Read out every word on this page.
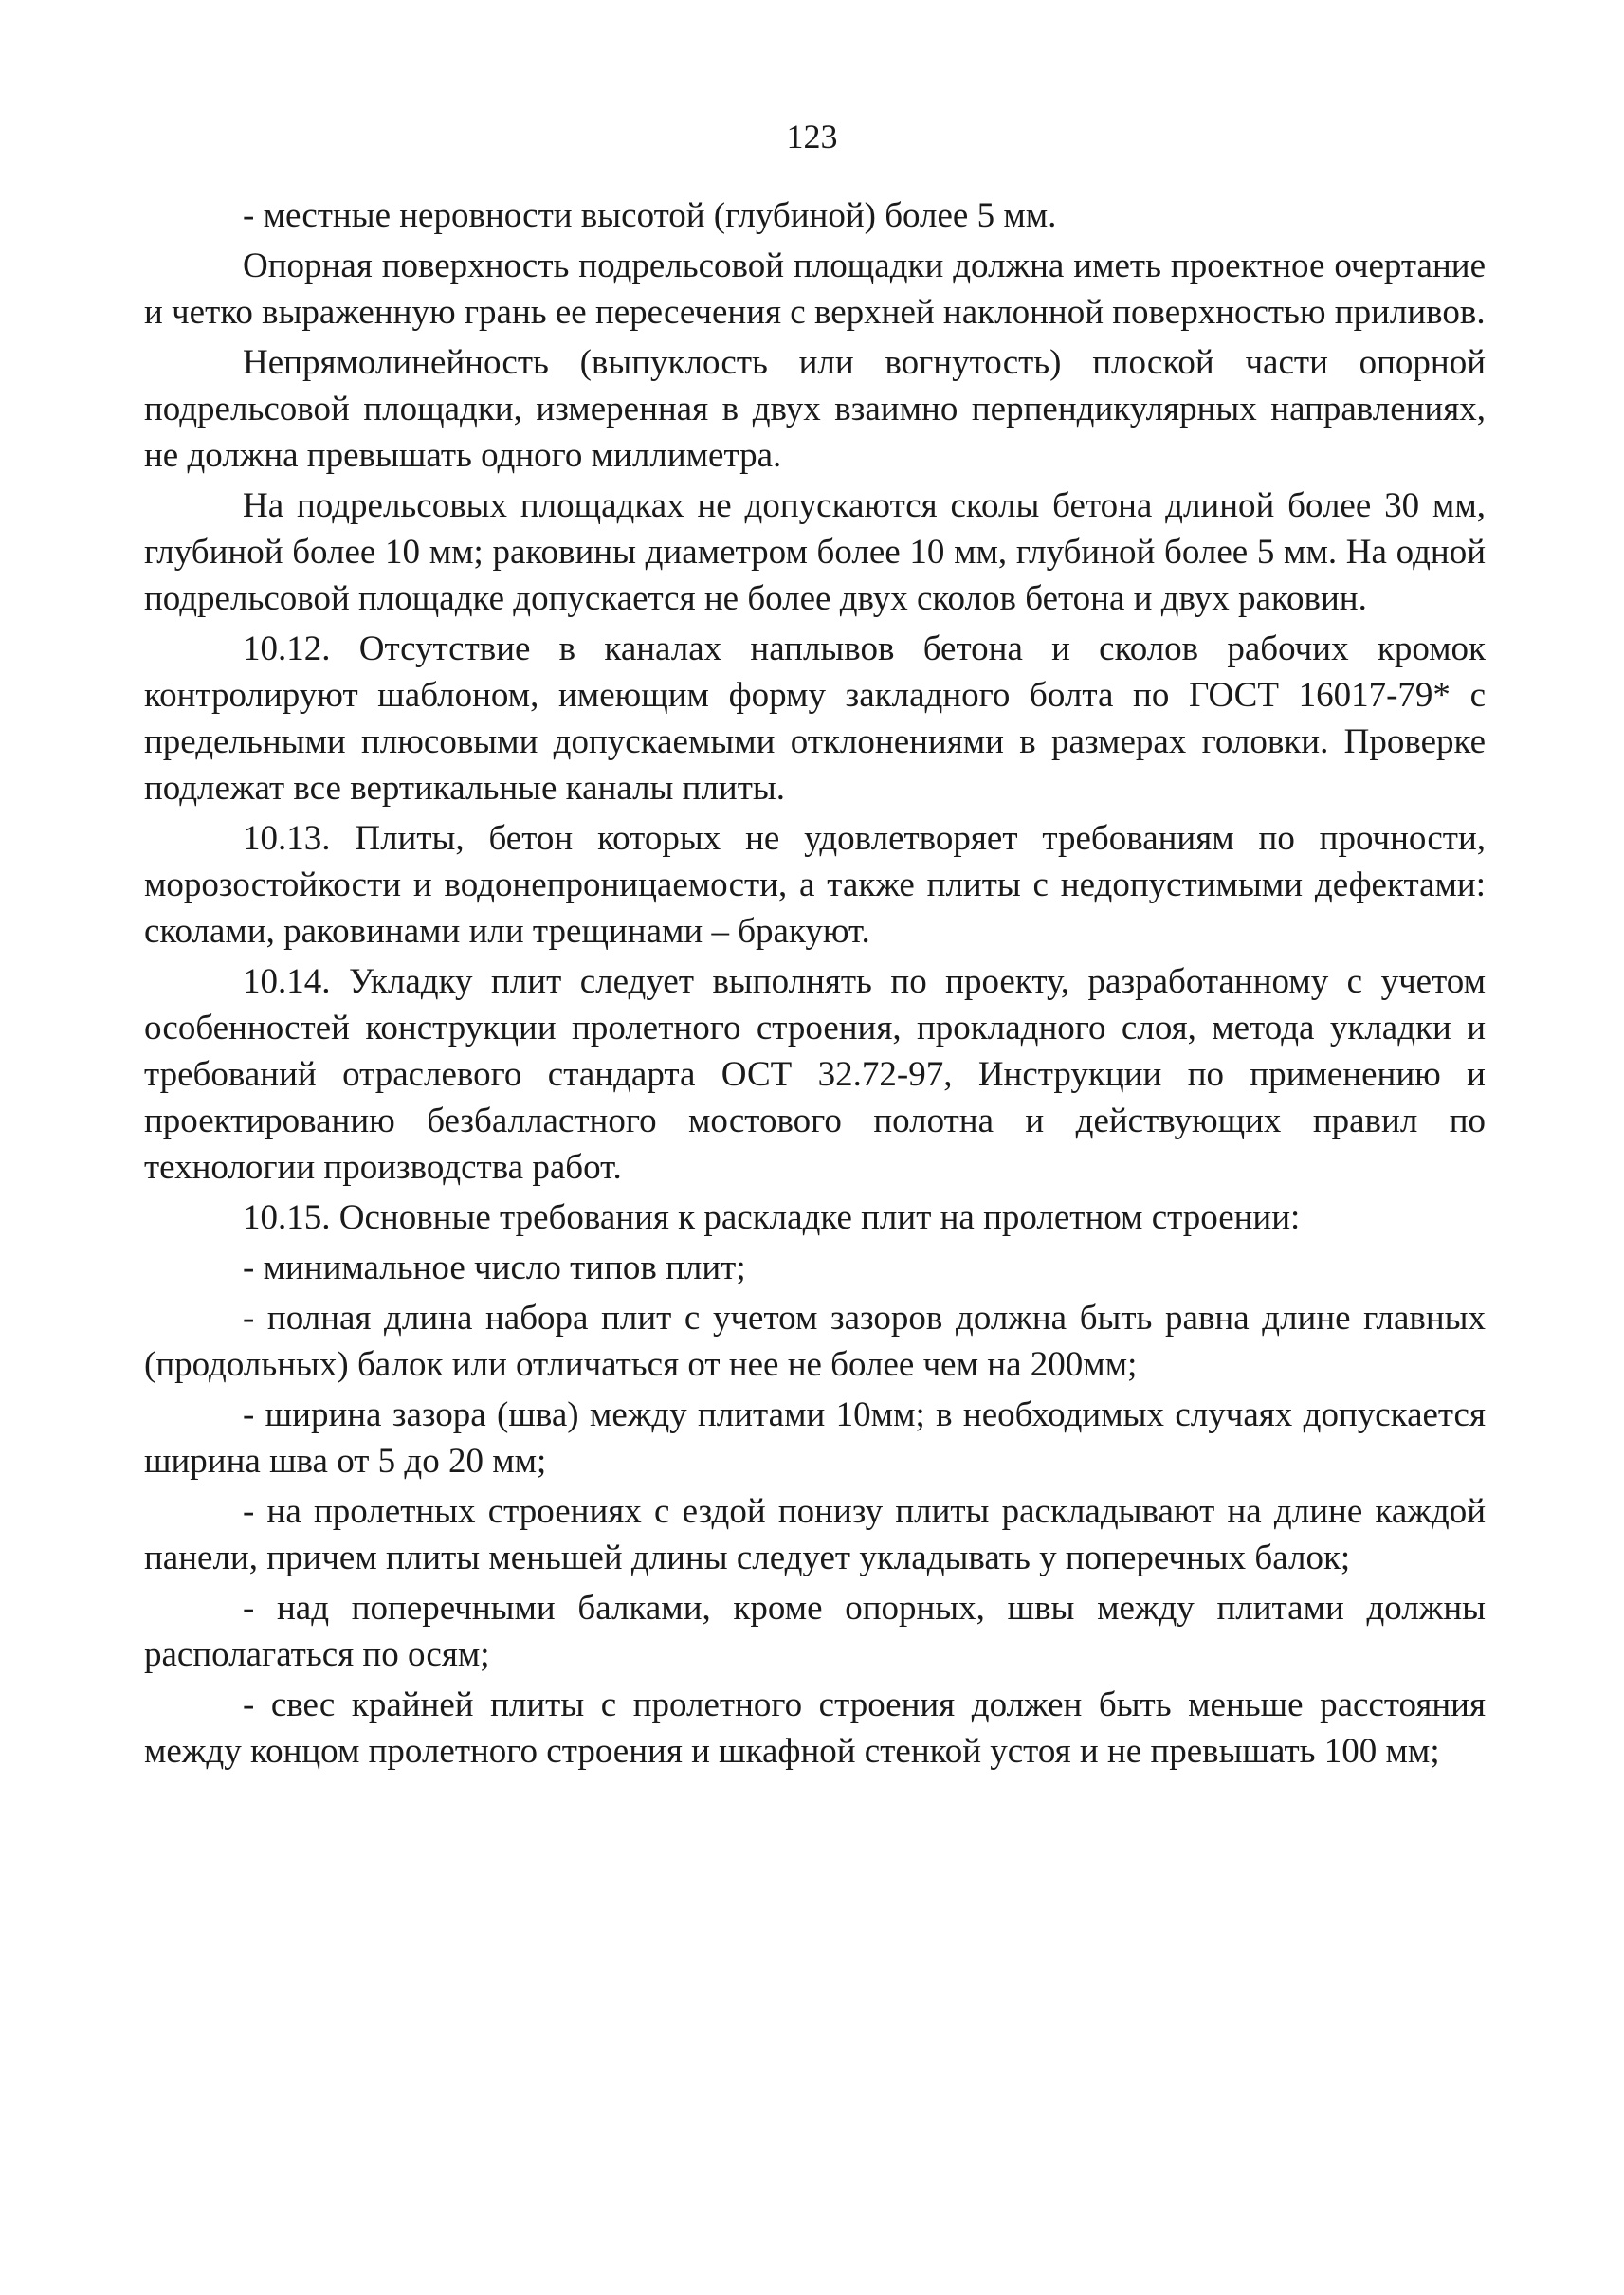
123

- местные неровности высотой (глубиной) более 5 мм.

Опорная поверхность подрельсовой площадки должна иметь проектное очертание и четко выраженную грань ее пересечения с верхней наклонной поверхностью приливов.

Непрямолинейность (выпуклость или вогнутость) плоской части опорной подрельсовой площадки, измеренная в двух взаимно перпендикулярных направлениях, не должна превышать одного миллиметра.

На подрельсовых площадках не допускаются сколы бетона длиной более 30 мм, глубиной более 10 мм; раковины диаметром более 10 мм, глубиной более 5 мм. На одной подрельсовой площадке допускается не более двух сколов бетона и двух раковин.

10.12. Отсутствие в каналах наплывов бетона и сколов рабочих кромок контролируют шаблоном, имеющим форму закладного болта по ГОСТ 16017-79* с предельными плюсовыми допускаемыми отклонениями в размерах головки. Проверке подлежат все вертикальные каналы плиты.

10.13. Плиты, бетон которых не удовлетворяет требованиям по прочности, морозостойкости и водонепроницаемости, а также плиты с недопустимыми дефектами: сколами, раковинами или трещинами – бракуют.

10.14. Укладку плит следует выполнять по проекту, разработанному с учетом особенностей конструкции пролетного строения, прокладного слоя, метода укладки и требований отраслевого стандарта ОСТ 32.72-97, Инструкции по применению и проектированию безбалластного мостового полотна и действующих правил по технологии производства работ.

10.15. Основные требования к раскладке плит на пролетном строении:

- минимальное число типов плит;

- полная длина набора плит с учетом зазоров должна быть равна длине главных (продольных) балок или отличаться от нее не более чем на 200мм;

- ширина зазора (шва) между плитами 10мм; в необходимых случаях допускается ширина шва от 5 до 20 мм;

- на пролетных строениях с ездой понизу плиты раскладывают на длине каждой панели, причем плиты меньшей длины следует укладывать у поперечных балок;

- над поперечными балками, кроме опорных, швы между плитами должны располагаться по осям;

- свес крайней плиты с пролетного строения должен быть меньше расстояния между концом пролетного строения и шкафной стенкой устоя и не превышать 100 мм;
